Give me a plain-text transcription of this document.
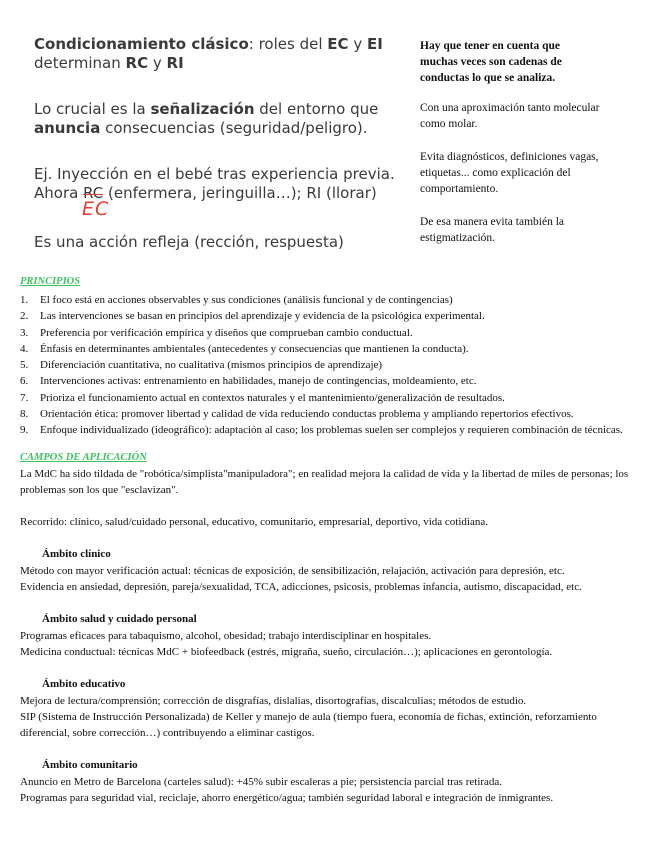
Condicionamiento clásico: roles del EC y EI determinan RC y RI

Lo crucial es la señalización del entorno que anuncia consecuencias (seguridad/peligro).

Ej. Inyección en el bebé tras experiencia previa.
Ahora RC (enfermera, jeringuilla…); RI (llorar)

Es una acción refleja (rección, respuesta)

EC

Hay que tener en cuenta que muchas veces son cadenas de conductas lo que se analiza.

Con una aproximación tanto molecular como molar.

Evita diagnósticos, definiciones vagas, etiquetas... como explicación del comportamiento.

De esa manera evita también la estigmatización.

PRINCIPIOS
1.	El foco está en acciones observables y sus condiciones (análisis funcional y de contingencias)
2.	Las intervenciones se basan en principios del aprendizaje y evidencia de la psicológica experimental.
3.	Preferencia por verificación empírica y diseños que comprueban cambio conductual.
4.	Énfasis en determinantes ambientales (antecedentes y consecuencias que mantienen la conducta).
5.	Diferenciación cuantitativa, no cualitativa (mismos principios de aprendizaje)
6.	Intervenciones activas: entrenamiento en habilidades, manejo de contingencias, moldeamiento, etc.
7.	Prioriza el funcionamiento actual en contextos naturales y el mantenimiento/generalización de resultados.
8.	Orientación ética: promover libertad y calidad de vida reduciendo conductas problema y ampliando repertorios efectivos.
9.	Enfoque individualizado (ideográfico): adaptación al caso; los problemas suelen ser complejos y requieren combinación de técnicas.
CAMPOS DE APLICACIÓN
La MdC ha sido tildada de "robótica/simplista"manipuladora"; en realidad mejora la calidad de vida y la libertad de miles de personas; los
problemas son los que "esclavizan".
Recorrido: clínico, salud/cuidado personal, educativo, comunitario, empresarial, deportivo, vida cotidiana.
Ámbito clínico
Método con mayor verificación actual: técnicas de exposición, de sensibilización, relajación, activación para depresión, etc.
Evidencia en ansiedad, depresión, pareja/sexualidad, TCA, adicciones, psicosis, problemas infancia, autismo, discapacidad, etc.
Ámbito salud y cuidado personal
Programas eficaces para tabaquismo, alcohol, obesidad; trabajo interdisciplinar en hospitales.
Medicina conductual: técnicas MdC + biofeedback (estrés, migraña, sueño, circulación…); aplicaciones en gerontología.
Ámbito educativo
Mejora de lectura/comprensión; corrección de disgrafías, dislalias, disortografías, discalculias; métodos de estudio.
SIP (Sistema de Instrucción Personalizada) de Keller y manejo de aula (tiempo fuera, economía de fichas, extinción, reforzamiento
diferencial, sobre corrección…) contribuyendo a eliminar castigos.
Ámbito comunitario
Anuncio en Metro de Barcelona (carteles salud): +45% subir escaleras a pie; persistencia parcial tras retirada.
Programas para seguridad vial, reciclaje, ahorro energético/agua; también seguridad laboral e integración de inmigrantes.
